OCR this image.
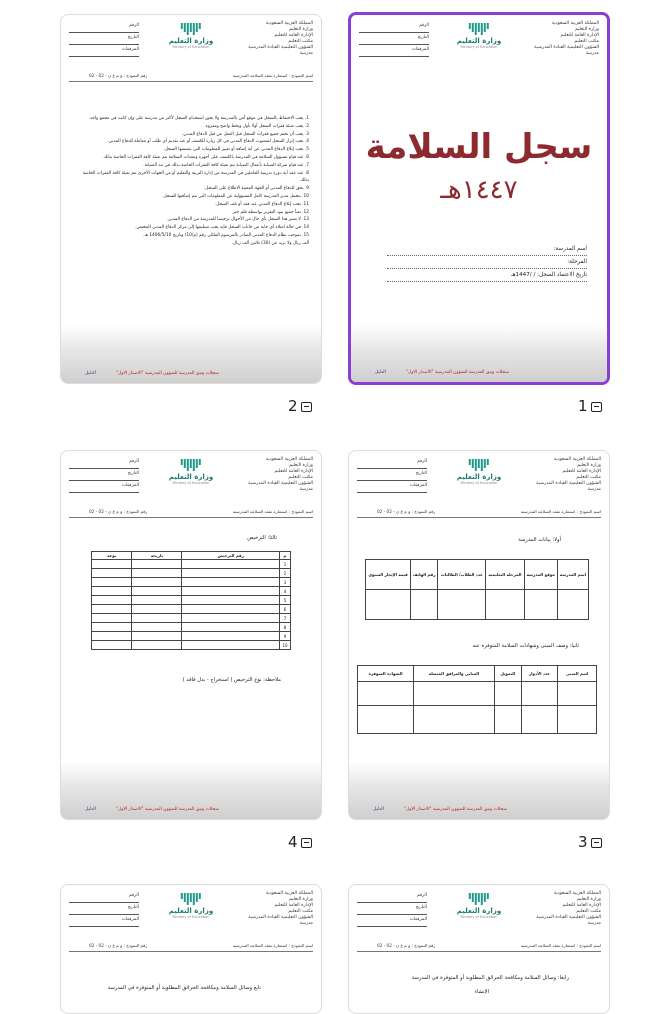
المملكة العربية السعودية
وزارة التعليم
الإدارة العامة للتعليم
مكتب التعليم
الشؤون التعليمية القيادة المدرسية
مدرسة
وزارة التعليم
Ministry of Education
الرقم
التاريخ
المرفقات
سجل السلامة
١٤٤٧هـ
اسم المدرسة:
المرحلة:
تاريخ الاعتماد السجل: / /1447هـ
سجلات وثيق المدرسة للشؤون المدرسية "الاصدار الاول"
الدليل
1
المملكة العربية السعودية
وزارة التعليم
الإدارة العامة للتعليم
مكتب التعليم
الشؤون التعليمية القيادة المدرسية
مدرسة
وزارة التعليم
Ministry of Education
الرقم
التاريخ
المرفقات
اسم النموذج : استمارة تفقد السلامة المدرسية
رقم النموذج : و م ع ن - 02 - 02
1. يجب الاحتفاظ بالسجل في موقع آمن بالمدرسة ولا يجوز استخدام السجل لأكثر من مدرسة على وإن كانت في مجمع واحد.
2. يجب تعبئة فقرات السجل أولا بأول وبخط واضح ومقروء.
3. يجب أن تختم جميع فقرات السجل قبل العمل من قبل الدفاع المدني.
4. يجب إبراز السجل لمنسوب الدفاع المدني في كل زيارة للكشف أو عند تقديم أي طلب أو معاملة للدفاع المدني.
5. يجب إبلاغ الدفاع المدني عن أية إضافة أو تغيير للمعلومات التي يتضمنها السجل.
6. عند قيام مسؤول السلامة في المدرسة بالكشف على أجهزة ومعدات السلامة تتم تعبئة كافة الفقرات الخاصة بذلك.
7. عند قيام شركة الصيانة بأعمال الصيانة يتم تعبئة كافة الفقرات الخاصة بذلك في بند الصيانة.
8. عند عقد أية دورة تدريبية للعاملين في المدرسة من إدارة التربية والتعليم أو من الجهات الأخرى تتم تعبئة كافة الفقرات الخاصة بذلك.
9. يحق للدفاع المدني أو الجهة المعنية الاطلاع على السجل.
10. يتحمل مدير المدرسة كامل المسؤولية عن المعلومات التي تتم إضافتها للسجل.
11. يجب إبلاغ الدفاع المدني عند فقد أو تلف السجل.
12. تعبأ جميع بنود التقرير بواسطة قلم حبر.
13. لا يعتبر هذا السجل بأي حال من الأحوال ترخيصا للمدرسة من الدفاع المدني.
14. في حالة امتلاء أي خانة من خانات السجل فإنه يجب تسليمها إلى مركز الدفاع المدني المختص.
15. بموجب نظام الدفاع المدني الصادر بالمرسوم الملكي رقم (م/10) وتاريخ 1406/5/10 هـ.
ألف ريال ولا تزيد عن (30) ثلاثين ألف ريال.
سجلات وثيق المدرسة للشؤون المدرسية "الاصدار الاول"
الدليل
2
المملكة العربية السعودية
وزارة التعليم
الإدارة العامة للتعليم
مكتب التعليم
الشؤون التعليمية القيادة المدرسية
مدرسة
وزارة التعليم
Ministry of Education
الرقم
التاريخ
المرفقات
اسم النموذج : استمارة تفقد السلامة المدرسية
رقم النموذج : و م ع ن - 02 - 02
أولا: بيانات المدرسة
اسم المدرسة	موقع المدرسة	المرحلة التعليمية	عدد الطلاب/ الطالبات	رقم الهاتف	قيمة الإيجار السنوي

ثانيا: وصف المبنى وشهادات السلامة المتوفرة عنه
اسم المبنى	عدد الأدوار	التمويل	المباني والمرافق المتصلة	الشهادة المتوفرة

سجلات وثيق المدرسة للشؤون المدرسية "الاصدار الاول"
الدليل
3
المملكة العربية السعودية
وزارة التعليم
الإدارة العامة للتعليم
مكتب التعليم
الشؤون التعليمية القيادة المدرسية
مدرسة
وزارة التعليم
Ministry of Education
الرقم
التاريخ
المرفقات
اسم النموذج : استمارة تفقد السلامة المدرسية
رقم النموذج : و م ع ن - 02 - 02
ثالثا: الترخيص
م	رقم الترخيص	تاريخه	نوعه
1			
2			
3			
4			
5			
6			
7			
8			
9			
10			
ملاحظة: نوع الترخيص ( استخراج - بدل فاقد )
سجلات وثيق المدرسة للشؤون المدرسية "الاصدار الاول"
الدليل
4
المملكة العربية السعودية
وزارة التعليم
الإدارة العامة للتعليم
مكتب التعليم
الشؤون التعليمية القيادة المدرسية
مدرسة
وزارة التعليم
Ministry of Education
الرقم
التاريخ
المرفقات
اسم النموذج : استمارة تفقد السلامة المدرسية
رقم النموذج : و م ع ن - 02 - 02
رابعا: وسائل السلامة ومكافحة الحرائق المطلوبة أو المتوفرة في المدرسة
الإنشاء
المملكة العربية السعودية
وزارة التعليم
الإدارة العامة للتعليم
مكتب التعليم
الشؤون التعليمية القيادة المدرسية
مدرسة
وزارة التعليم
Ministry of Education
الرقم
التاريخ
المرفقات
اسم النموذج : استمارة تفقد السلامة المدرسية
رقم النموذج : و م ع ن - 02 - 02
تابع وسائل السلامة ومكافحة الحرائق المطلوبة أو المتوفرة في المدرسة
